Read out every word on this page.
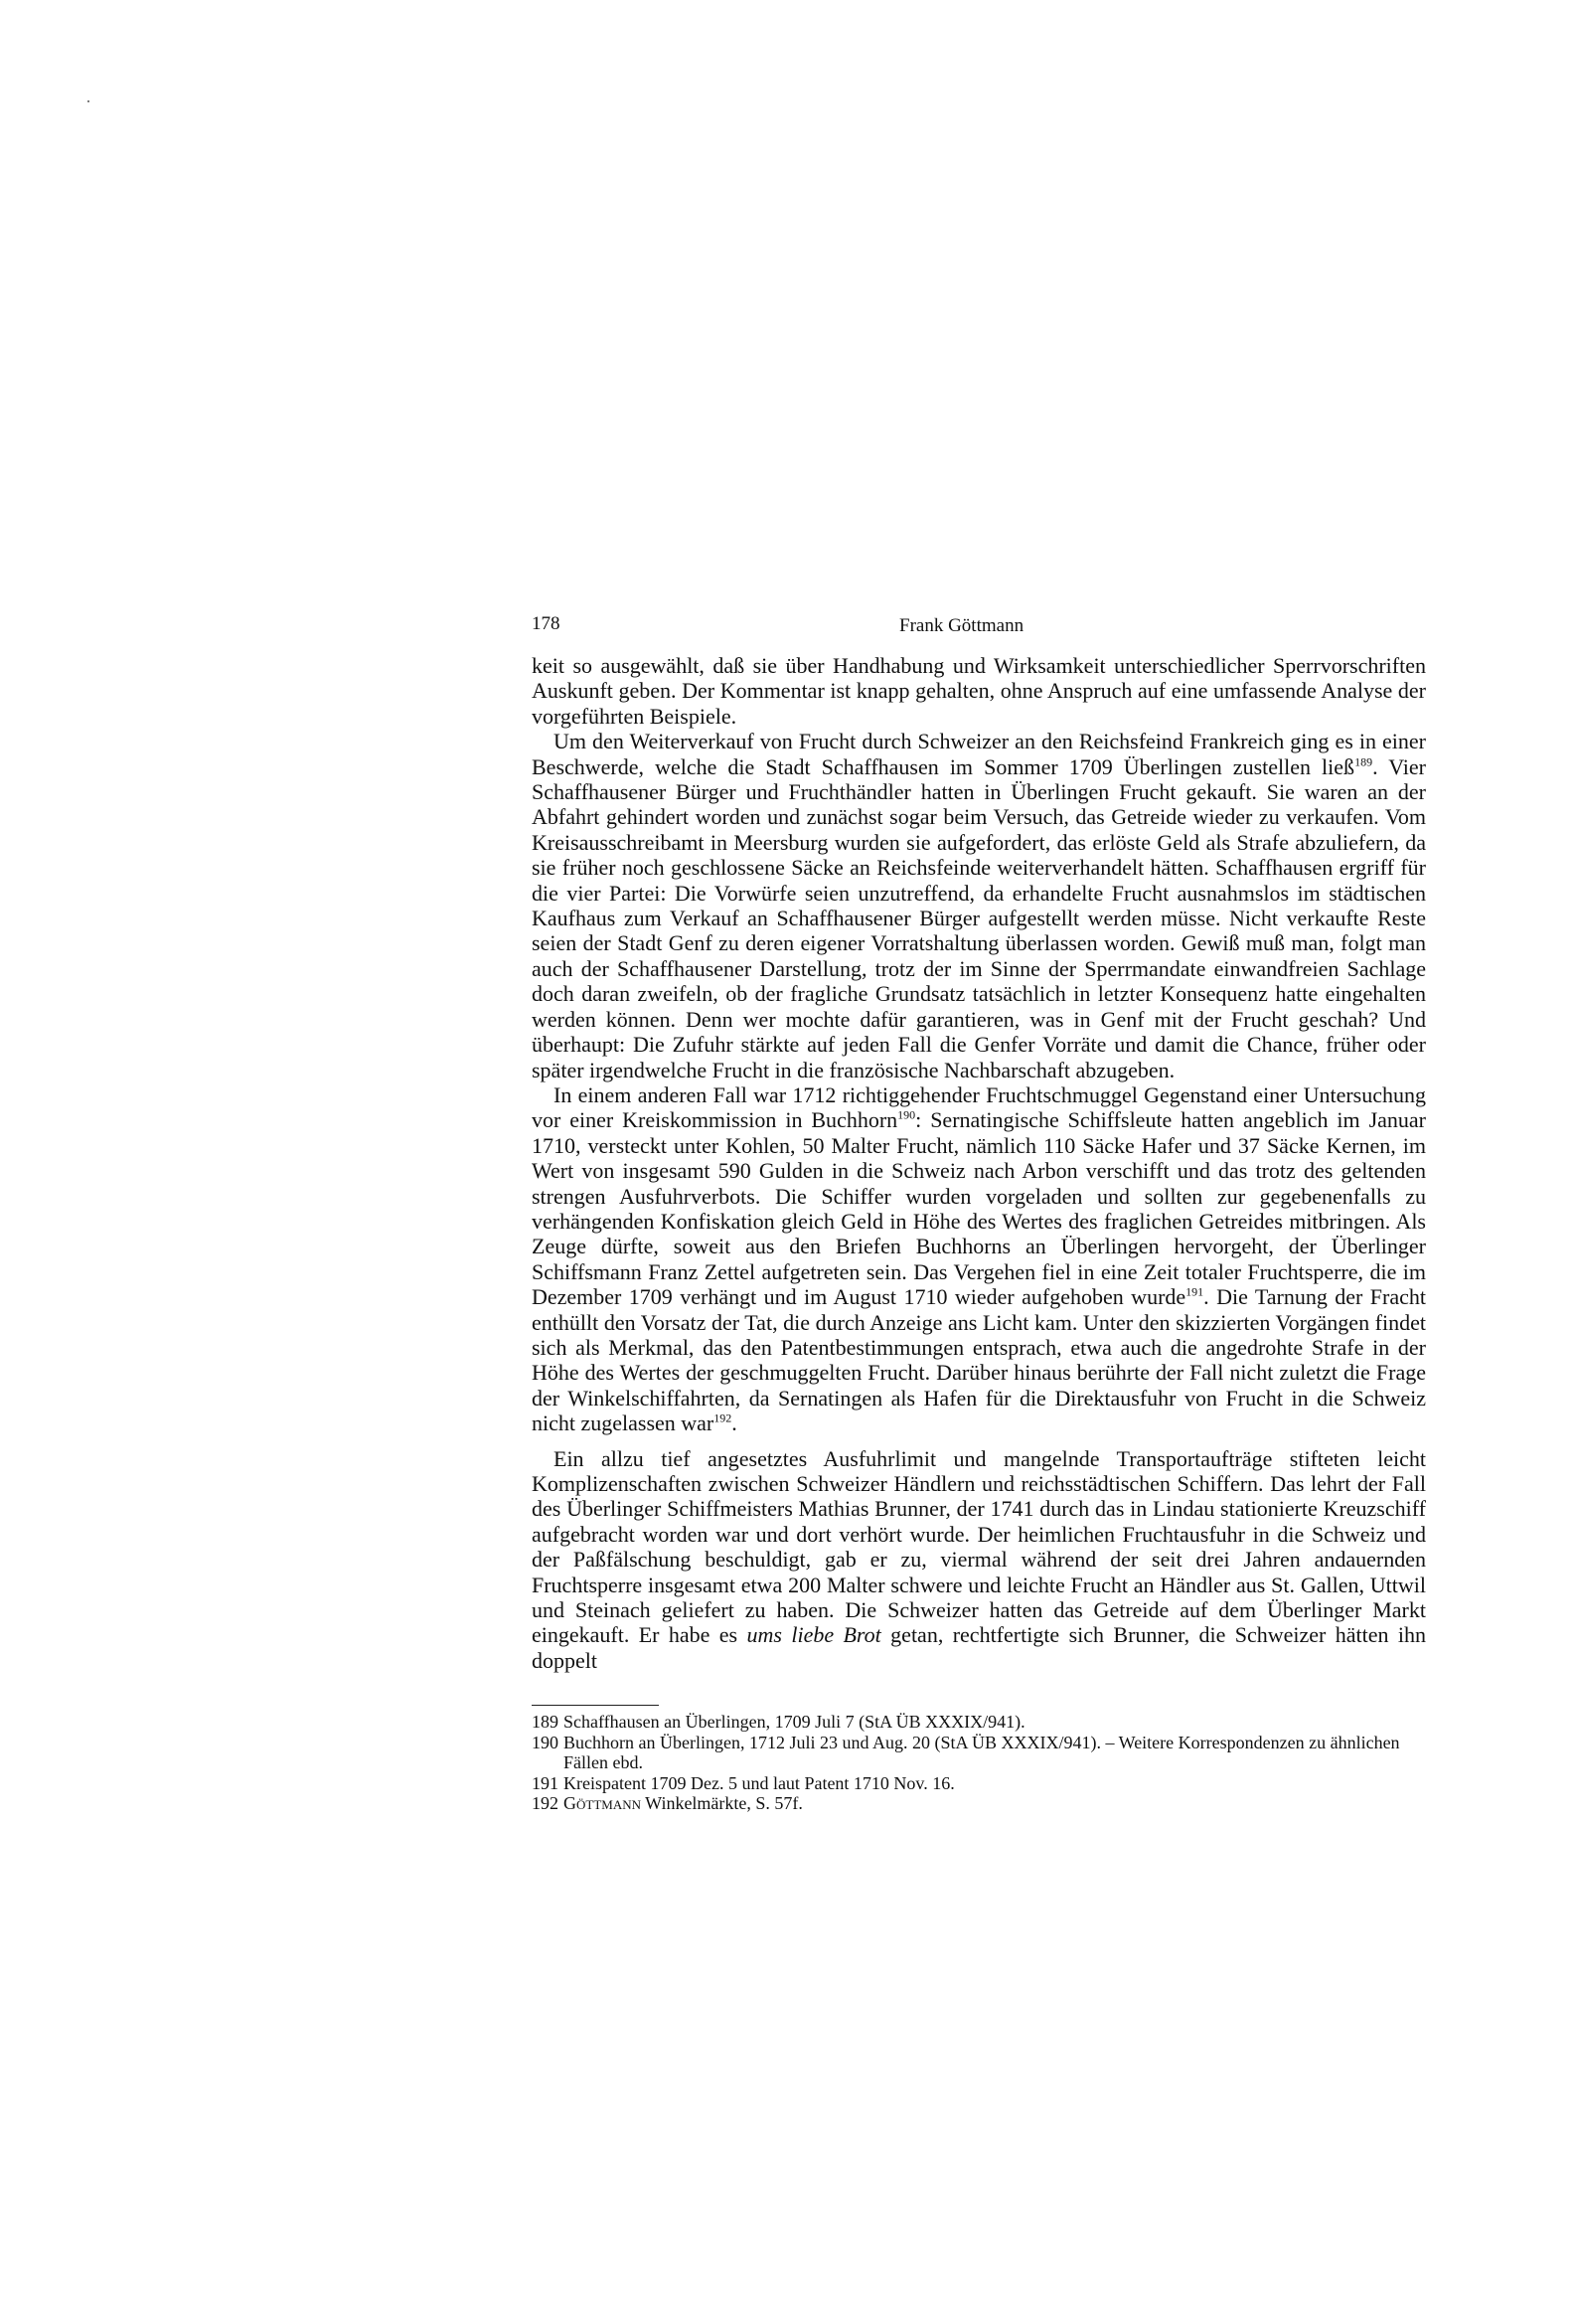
178	Frank Göttmann

keit so ausgewählt, daß sie über Handhabung und Wirksamkeit unterschiedlicher Sperrvorschriften Auskunft geben. Der Kommentar ist knapp gehalten, ohne Anspruch auf eine umfassende Analyse der vorgeführten Beispiele.

Um den Weiterverkauf von Frucht durch Schweizer an den Reichsfeind Frankreich ging es in einer Beschwerde, welche die Stadt Schaffhausen im Sommer 1709 Überlingen zustellen ließ$^{189}$. Vier Schaffhausener Bürger und Fruchthändler hatten in Überlingen Frucht gekauft. Sie waren an der Abfahrt gehindert worden und zunächst sogar beim Versuch, das Getreide wieder zu verkaufen. Vom Kreisausschreibamt in Meersburg wurden sie aufgefordert, das erlöste Geld als Strafe abzuliefern, da sie früher noch geschlossene Säcke an Reichsfeinde weiterverhandelt hätten. Schaffhausen ergriff für die vier Partei: Die Vorwürfe seien unzutreffend, da erhandelte Frucht ausnahmslos im städtischen Kaufhaus zum Verkauf an Schaffhausener Bürger aufgestellt werden müsse. Nicht verkaufte Reste seien der Stadt Genf zu deren eigener Vorratshaltung überlassen worden. Gewiß muß man, folgt man auch der Schaffhausener Darstellung, trotz der im Sinne der Sperrmandate einwandfreien Sachlage doch daran zweifeln, ob der fragliche Grundsatz tatsächlich in letzter Konsequenz hatte eingehalten werden können. Denn wer mochte dafür garantieren, was in Genf mit der Frucht geschah? Und überhaupt: Die Zufuhr stärkte auf jeden Fall die Genfer Vorräte und damit die Chance, früher oder später irgendwelche Frucht in die französische Nachbarschaft abzugeben.

In einem anderen Fall war 1712 richtiggehender Fruchtschmuggel Gegenstand einer Untersuchung vor einer Kreiskommission in Buchhorn$^{190}$: Sernatingische Schiffsleute hatten angeblich im Januar 1710, versteckt unter Kohlen, 50 Malter Frucht, nämlich 110 Säcke Hafer und 37 Säcke Kernen, im Wert von insgesamt 590 Gulden in die Schweiz nach Arbon verschifft und das trotz des geltenden strengen Ausfuhrverbots. Die Schiffer wurden vorgeladen und sollten zur gegebenenfalls zu verhängenden Konfiskation gleich Geld in Höhe des Wertes des fraglichen Getreides mitbringen. Als Zeuge dürfte, soweit aus den Briefen Buchhorns an Überlingen hervorgeht, der Überlinger Schiffsmann Franz Zettel aufgetreten sein. Das Vergehen fiel in eine Zeit totaler Fruchtsperre, die im Dezember 1709 verhängt und im August 1710 wieder aufgehoben wurde$^{191}$. Die Tarnung der Fracht enthüllt den Vorsatz der Tat, die durch Anzeige ans Licht kam. Unter den skizzierten Vorgängen findet sich als Merkmal, das den Patentbestimmungen entsprach, etwa auch die angedrohte Strafe in der Höhe des Wertes der geschmuggelten Frucht. Darüber hinaus berührte der Fall nicht zuletzt die Frage der Winkelschiffahrten, da Sernatingen als Hafen für die Direktausfuhr von Frucht in die Schweiz nicht zugelassen war$^{192}$.

Ein allzu tief angesetztes Ausfuhrlimit und mangelnde Transportaufträge stifteten leicht Komplizenschaften zwischen Schweizer Händlern und reichsstädtischen Schiffern. Das lehrt der Fall des Überlinger Schiffmeisters Mathias Brunner, der 1741 durch das in Lindau stationierte Kreuzschiff aufgebracht worden war und dort verhört wurde. Der heimlichen Fruchtausfuhr in die Schweiz und der Paßfälschung beschuldigt, gab er zu, viermal während der seit drei Jahren andauernden Fruchtsperre insgesamt etwa 200 Malter schwere und leichte Frucht an Händler aus St. Gallen, Uttwil und Steinach geliefert zu haben. Die Schweizer hatten das Getreide auf dem Überlinger Markt eingekauft. Er habe es ums liebe Brot getan, rechtfertigte sich Brunner, die Schweizer hätten ihn doppelt

189 Schaffhausen an Überlingen, 1709 Juli 7 (StA ÜB XXXIX/941).
190 Buchhorn an Überlingen, 1712 Juli 23 und Aug. 20 (StA ÜB XXXIX/941). – Weitere Korrespondenzen zu ähnlichen Fällen ebd.
191 Kreispatent 1709 Dez. 5 und laut Patent 1710 Nov. 16.
192 Göttmann Winkelmärkte, S. 57f.
